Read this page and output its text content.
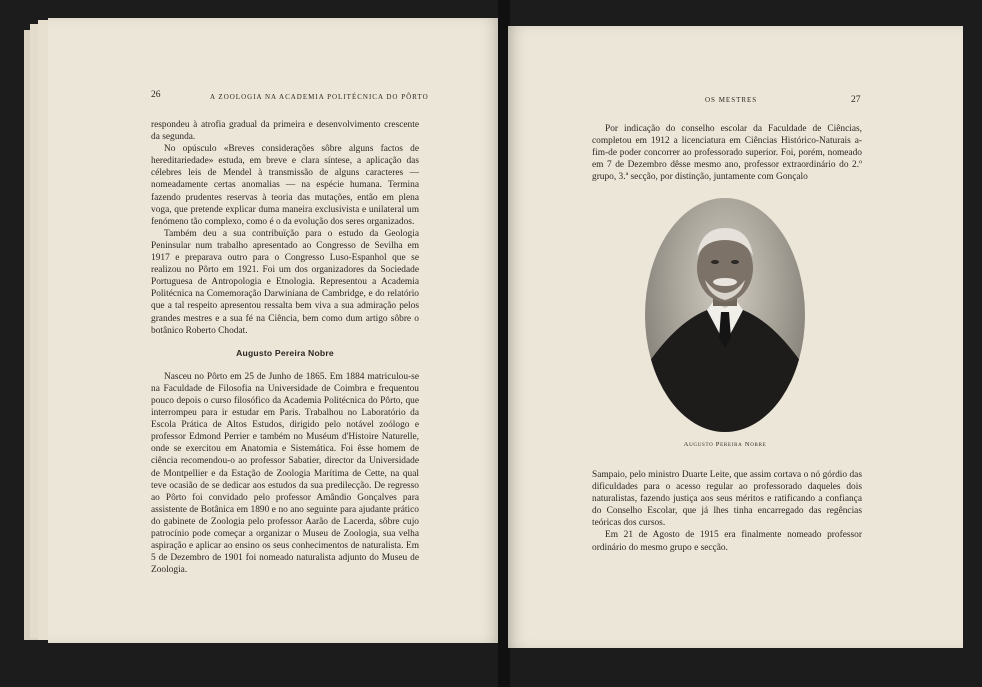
26	A ZOOLOGIA NA ACADEMIA POLITÉCNICA DO PÔRTO

respondeu à atrofia gradual da primeira e desenvolvimento crescente da segunda.

No opúsculo «Breves considerações sôbre alguns factos de hereditariedade» estuda, em breve e clara síntese, a aplicação das célebres leis de Mendel à transmissão de alguns caracteres — nomeadamente certas anomalias — na espécie humana. Termina fazendo prudentes reservas à teoria das mutações, então em plena voga, que pretende explicar duma maneira exclusivista e unilateral um fenómeno tão complexo, como é o da evolução dos seres organizados.

Também deu a sua contribuïção para o estudo da Geologia Peninsular num trabalho apresentado ao Congresso de Sevilha em 1917 e preparava outro para o Congresso Luso-Espanhol que se realizou no Pôrto em 1921. Foi um dos organizadores da Sociedade Portuguesa de Antropologia e Etnologia. Representou a Academia Politécnica na Comemoração Darwiniana de Cambridge, e do relatório que a tal respeito apresentou ressalta bem viva a sua admiração pelos grandes mestres e a sua fé na Ciência, bem como dum artigo sôbre o botânico Roberto Chodat.

Augusto Pereira Nobre

Nasceu no Pôrto em 25 de Junho de 1865. Em 1884 matriculou-se na Faculdade de Filosofia na Universidade de Coimbra e frequentou pouco depois o curso filosófico da Academia Politécnica do Pôrto, que interrompeu para ir estudar em Paris. Trabalhou no Laboratório da Escola Prática de Altos Estudos, dirigido pelo notável zoólogo e professor Edmond Perrier e também no Muséum d'Histoire Naturelle, onde se exercitou em Anatomia e Sistemática. Foi êsse homem de ciência recomendou-o ao professor Sabatier, director da Universidade de Montpellier e da Estação de Zoologia Marítima de Cette, na qual teve ocasião de se dedicar aos estudos da sua predilecção. De regresso ao Pôrto foi convidado pelo professor Amândio Gonçalves para assistente de Botânica em 1890 e no ano seguinte para ajudante prático do gabinete de Zoologia pelo professor Aarão de Lacerda, sôbre cujo patrocínio pode começar a organizar o Museu de Zoologia, sua velha aspiração e aplicar ao ensino os seus conhecimentos de naturalista. Em 5 de Dezembro de 1901 foi nomeado naturalista adjunto do Museu de Zoologia.

OS MESTRES	27

Por indicação do conselho escolar da Faculdade de Ciências, completou em 1912 a licenciatura em Ciências Histórico-Naturais a-fim-de poder concorrer ao professorado superior. Foi, porém, nomeado em 7 de Dezembro dêsse mesmo ano, professor extraordinário do 2.º grupo, 3.ª secção, por distinção, juntamente com Gonçalo

Augusto Pereira Nobre

Sampaio, pelo ministro Duarte Leite, que assim cortava o nó górdio das dificuldades para o acesso regular ao professorado daqueles dois naturalistas, fazendo justiça aos seus méritos e ratificando a confiança do Conselho Escolar, que já lhes tinha encarregado das regências teóricas dos cursos.

Em 21 de Agosto de 1915 era finalmente nomeado professor ordinário do mesmo grupo e secção.
